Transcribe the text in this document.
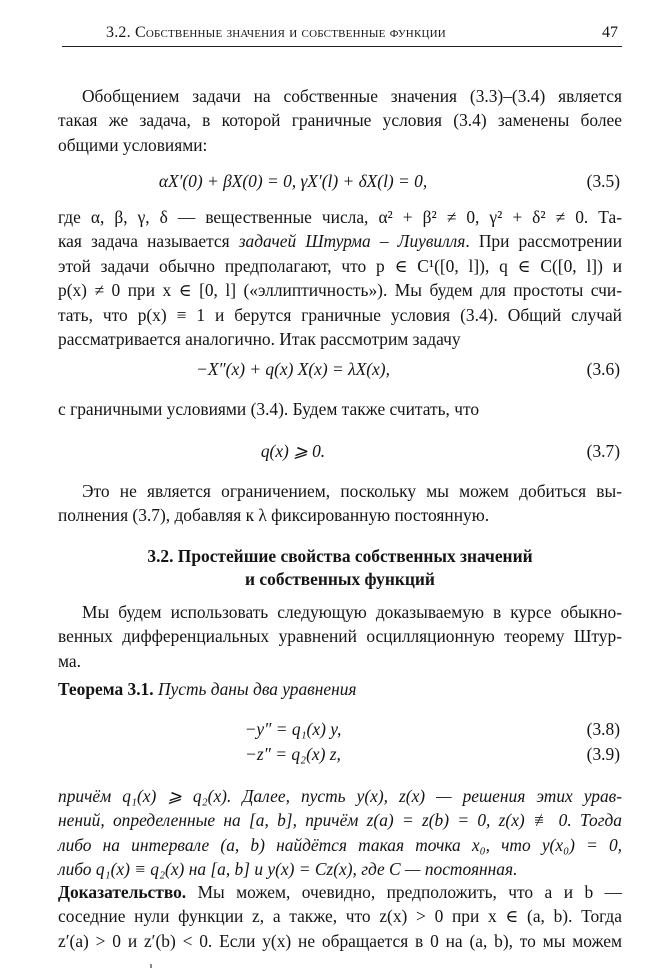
3.2. Собственные значения и собственные функции	47
Обобщением задачи на собственные значения (3.3)–(3.4) является
такая же задача, в которой граничные условия (3.4) заменены более
общими условиями:
αX′(0) + βX(0) = 0, γX′(l) + δX(l) = 0,	(3.5)
где α, β, γ, δ — вещественные числа, α² + β² ≠ 0, γ² + δ² ≠ 0. Та-
кая задача называется задачей Штурма – Лиувилля. При рассмотрении
этой задачи обычно предполагают, что p ∈ C¹([0, l]), q ∈ C([0, l]) и
p(x) ≠ 0 при x ∈ [0, l] («эллиптичность»). Мы будем для простоты счи-
тать, что p(x) ≡ 1 и берутся граничные условия (3.4). Общий случай
рассматривается аналогично. Итак рассмотрим задачу
−X″(x) + q(x) X(x) = λX(x),	(3.6)
с граничными условиями (3.4). Будем также считать, что
q(x) ⩾ 0.	(3.7)
Это не является ограничением, поскольку мы можем добиться вы-
полнения (3.7), добавляя к λ фиксированную постоянную.
3.2. Простейшие свойства собственных значений
и собственных функций
Мы будем использовать следующую доказываемую в курсе обыкно-
венных дифференциальных уравнений осцилляционную теорему Штур-
ма.
Теорема 3.1. Пусть даны два уравнения
−y″ = q₁(x) y,	(3.8)
−z″ = q₂(x) z,	(3.9)
причём q₁(x) ⩾ q₂(x). Далее, пусть y(x), z(x) — решения этих урав-
нений, определенные на [a, b], причём z(a) = z(b) = 0, z(x) ≢ 0. Тогда
либо на интервале (a, b) найдётся такая точка x₀, что y(x₀) = 0,
либо q₁(x) ≡ q₂(x) на [a, b] и y(x) = Cz(x), где C — постоянная.
Доказательство. Мы можем, очевидно, предположить, что a и b —
соседние нули функции z, а также, что z(x) > 0 при x ∈ (a, b). Тогда
z′(a) > 0 и z′(b) < 0. Если y(x) не обращается в 0 на (a, b), то мы можем
